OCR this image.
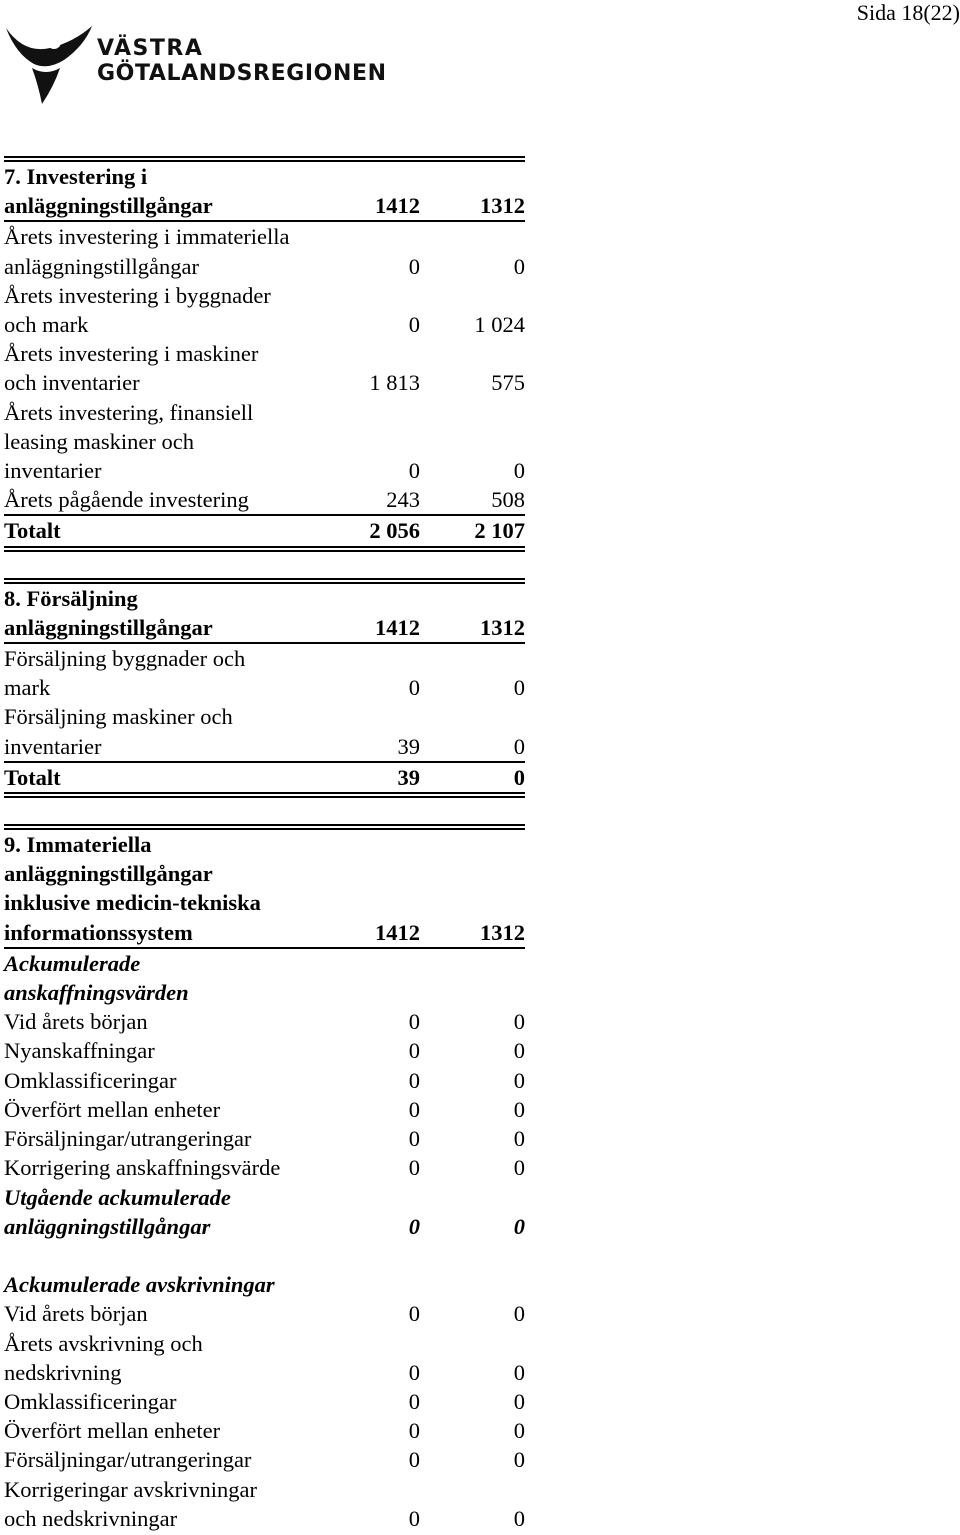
Sida 18(22)
VÄSTRA
GÖTALANDSREGIONEN
7. Investering i
anläggningstillgångar	1412	1312
Årets investering i immateriella
anläggningstillgångar	0	0
Årets investering i byggnader
och mark	0	1 024
Årets investering i maskiner
och inventarier	1 813	575
Årets investering, finansiell
leasing maskiner och
inventarier	0	0
Årets pågående investering	243	508
Totalt	2 056	2 107
8. Försäljning
anläggningstillgångar	1412	1312
Försäljning byggnader och
mark	0	0
Försäljning maskiner och
inventarier	39	0
Totalt	39	0
9. Immateriella
anläggningstillgångar
inklusive medicin-tekniska
informationssystem	1412	1312
Ackumulerade
anskaffningsvärden
Vid årets början	0	0
Nyanskaffningar	0	0
Omklassificeringar	0	0
Överfört mellan enheter	0	0
Försäljningar/utrangeringar	0	0
Korrigering anskaffningsvärde	0	0
Utgående ackumulerade
anläggningstillgångar	0	0

Ackumulerade avskrivningar
Vid årets början	0	0
Årets avskrivning och
nedskrivning	0	0
Omklassificeringar	0	0
Överfört mellan enheter	0	0
Försäljningar/utrangeringar	0	0
Korrigeringar avskrivningar
och nedskrivningar	0	0
